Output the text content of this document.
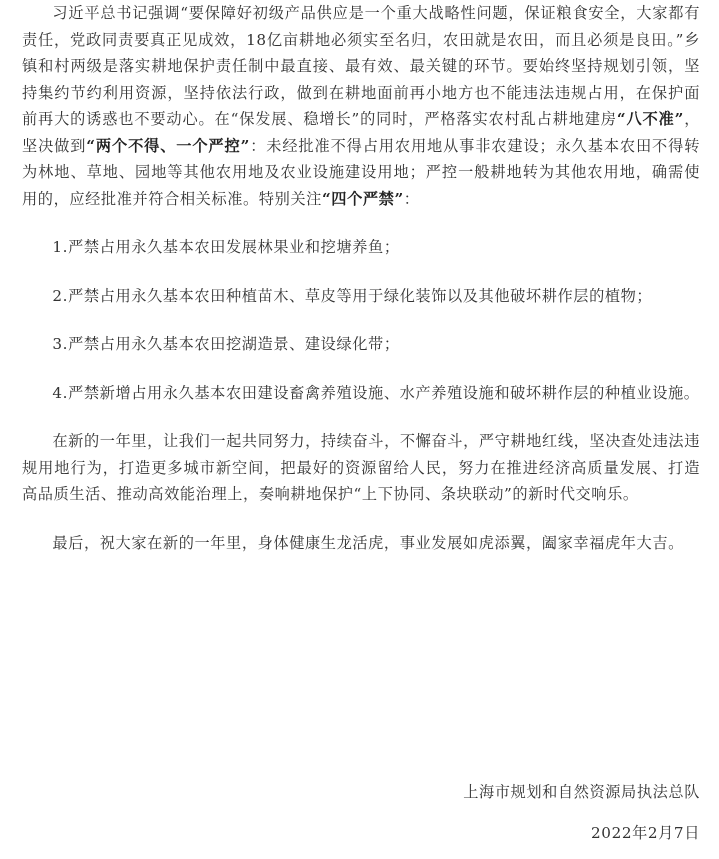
习近平总书记强调“要保障好初级产品供应是一个重大战略性问题，保证粮食安全，大家都有责任，党政同责要真正见成效，18亿亩耕地必须实至名归，农田就是农田，而且必须是良田。”乡镇和村两级是落实耕地保护责任制中最直接、最有效、最关键的环节。要始终坚持规划引领，坚持集约节约利用资源，坚持依法行政，做到在耕地面前再小地方也不能违法违规占用，在保护面前再大的诱惑也不要动心。在“保发展、稳增长”的同时，严格落实农村乱占耕地建房“八不准”，坚决做到“两个不得、一个严控”：未经批准不得占用农用地从事非农建设；永久基本农田不得转为林地、草地、园地等其他农用地及农业设施建设用地；严控一般耕地转为其他农用地，确需使用的，应经批准并符合相关标准。特别关注“四个严禁”：

1.严禁占用永久基本农田发展林果业和挖塘养鱼；

2.严禁占用永久基本农田种植苗木、草皮等用于绿化装饰以及其他破坏耕作层的植物；

3.严禁占用永久基本农田挖湖造景、建设绿化带；

4.严禁新增占用永久基本农田建设畜禽养殖设施、水产养殖设施和破坏耕作层的种植业设施。

在新的一年里，让我们一起共同努力，持续奋斗，不懈奋斗，严守耕地红线，坚决查处违法违规用地行为，打造更多城市新空间，把最好的资源留给人民，努力在推进经济高质量发展、打造高品质生活、推动高效能治理上，奏响耕地保护“上下协同、条块联动”的新时代交响乐。

最后，祝大家在新的一年里，身体健康生龙活虎，事业发展如虎添翼，阖家幸福虎年大吉。

上海市规划和自然资源局执法总队
2022年2月7日
